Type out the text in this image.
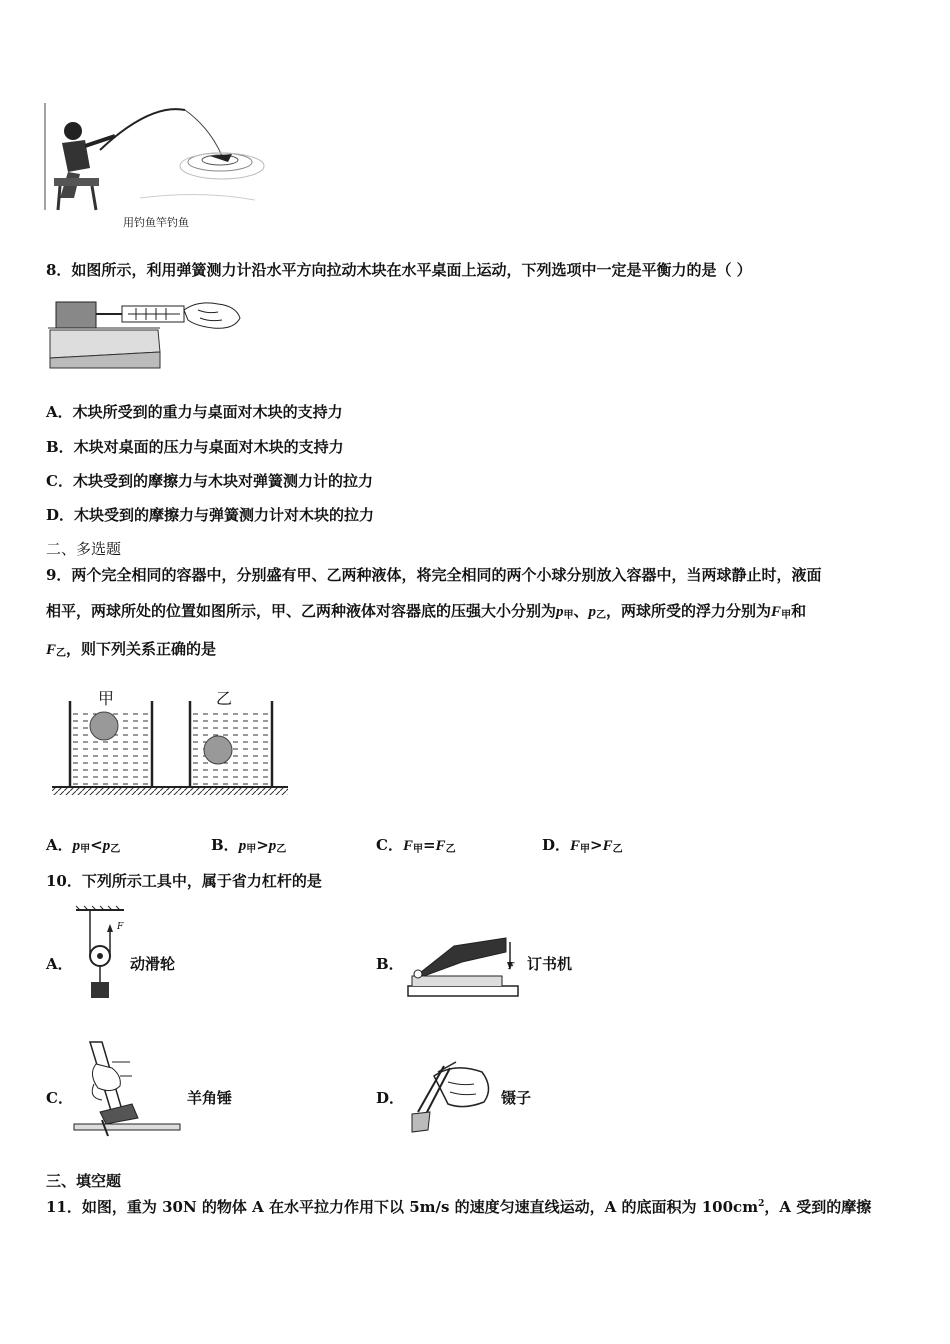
用钓鱼竿钓鱼
8．如图所示，利用弹簧测力计沿水平方向拉动木块在水平桌面上运动，下列选项中一定是平衡力的是（ ）
A．木块所受到的重力与桌面对木块的支持力
B．木块对桌面的压力与桌面对木块的支持力
C．木块受到的摩擦力与木块对弹簧测力计的拉力
D．木块受到的摩擦力与弹簧测力计对木块的拉力
二、多选题
9．两个完全相同的容器中，分别盛有甲、乙两种液体，将完全相同的两个小球分别放入容器中，当两球静止时，液面
相平，两球所处的位置如图所示，甲、乙两种液体对容器底的压强大小分别为$p_甲$、$p_乙$，两球所受的浮力分别为$F_甲$和
$F_乙$，则下列关系正确的是
甲	乙
A．$p_甲<p_乙$	B．$p_甲>p_乙$	C．$F_甲=F_乙$	D．$F_甲>F_乙$
10．下列所示工具中，属于省力杠杆的是
A．
F
动滑轮	B．	F 订书机
C．	羊角锤	D．	镊子
三、填空题
11．如图，重为 30N 的物体 A 在水平拉力作用下以 5m/s 的速度匀速直线运动，A 的底面积为 $100cm^2$，A 受到的摩擦
